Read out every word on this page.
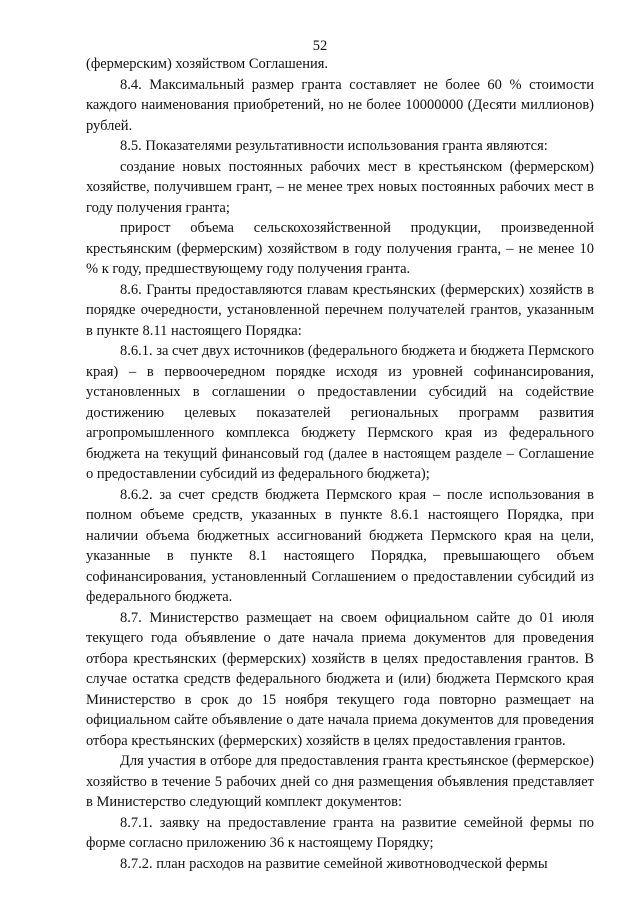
52

(фермерским) хозяйством Соглашения.

8.4. Максимальный размер гранта составляет не более 60 % стоимости каждого наименования приобретений, но не более 10000000 (Десяти миллионов) рублей.

8.5. Показателями результативности использования гранта являются:

создание новых постоянных рабочих мест в крестьянском (фермерском) хозяйстве, получившем грант, – не менее трех новых постоянных рабочих мест в году получения гранта;

прирост объема сельскохозяйственной продукции, произведенной крестьянским (фермерским) хозяйством в году получения гранта, – не менее 10 % к году, предшествующему году получения гранта.

8.6. Гранты предоставляются главам крестьянских (фермерских) хозяйств в порядке очередности, установленной перечнем получателей грантов, указанным в пункте 8.11 настоящего Порядка:

8.6.1. за счет двух источников (федерального бюджета и бюджета Пермского края) – в первоочередном порядке исходя из уровней софинансирования, установленных в соглашении о предоставлении субсидий на содействие достижению целевых показателей региональных программ развития агропромышленного комплекса бюджету Пермского края из федерального бюджета на текущий финансовый год (далее в настоящем разделе – Соглашение о предоставлении субсидий из федерального бюджета);

8.6.2. за счет средств бюджета Пермского края – после использования в полном объеме средств, указанных в пункте 8.6.1 настоящего Порядка, при наличии объема бюджетных ассигнований бюджета Пермского края на цели, указанные в пункте 8.1 настоящего Порядка, превышающего объем софинансирования, установленный Соглашением о предоставлении субсидий из федерального бюджета.

8.7. Министерство размещает на своем официальном сайте до 01 июля текущего года объявление о дате начала приема документов для проведения отбора крестьянских (фермерских) хозяйств в целях предоставления грантов. В случае остатка средств федерального бюджета и (или) бюджета Пермского края Министерство в срок до 15 ноября текущего года повторно размещает на официальном сайте объявление о дате начала приема документов для проведения отбора крестьянских (фермерских) хозяйств в целях предоставления грантов.

Для участия в отборе для предоставления гранта крестьянское (фермерское) хозяйство в течение 5 рабочих дней со дня размещения объявления представляет в Министерство следующий комплект документов:

8.7.1. заявку на предоставление гранта на развитие семейной фермы по форме согласно приложению 36 к настоящему Порядку;

8.7.2. план расходов на развитие семейной животноводческой фермы
